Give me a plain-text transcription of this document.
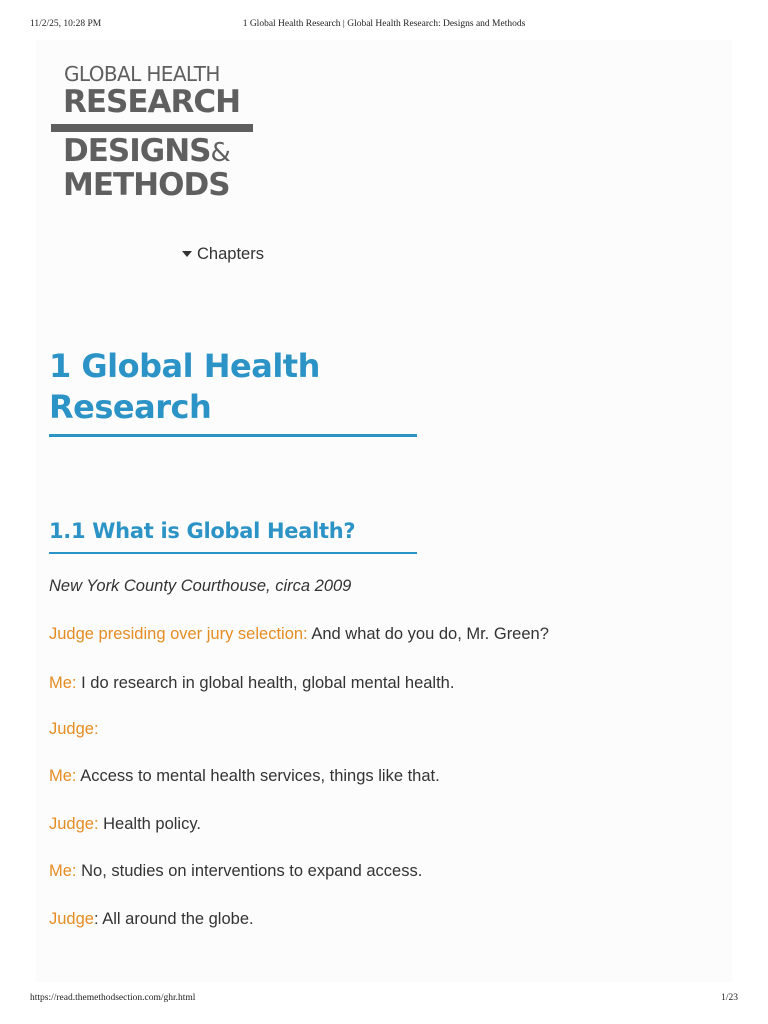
11/2/25, 10:28 PM	1 Global Health Research | Global Health Research: Designs and Methods
GLOBAL HEALTH
RESEARCH
DESIGNS&
METHODS
Chapters
1 Global Health
Research
1.1 What is Global Health?
New York County Courthouse, circa 2009
Judge presiding over jury selection: And what do you do, Mr. Green?
Me: I do research in global health, global mental health.
Judge:
Me: Access to mental health services, things like that.
Judge: Health policy.
Me: No, studies on interventions to expand access.
Judge: All around the globe.
https://read.themethodsection.com/ghr.html	1/23
